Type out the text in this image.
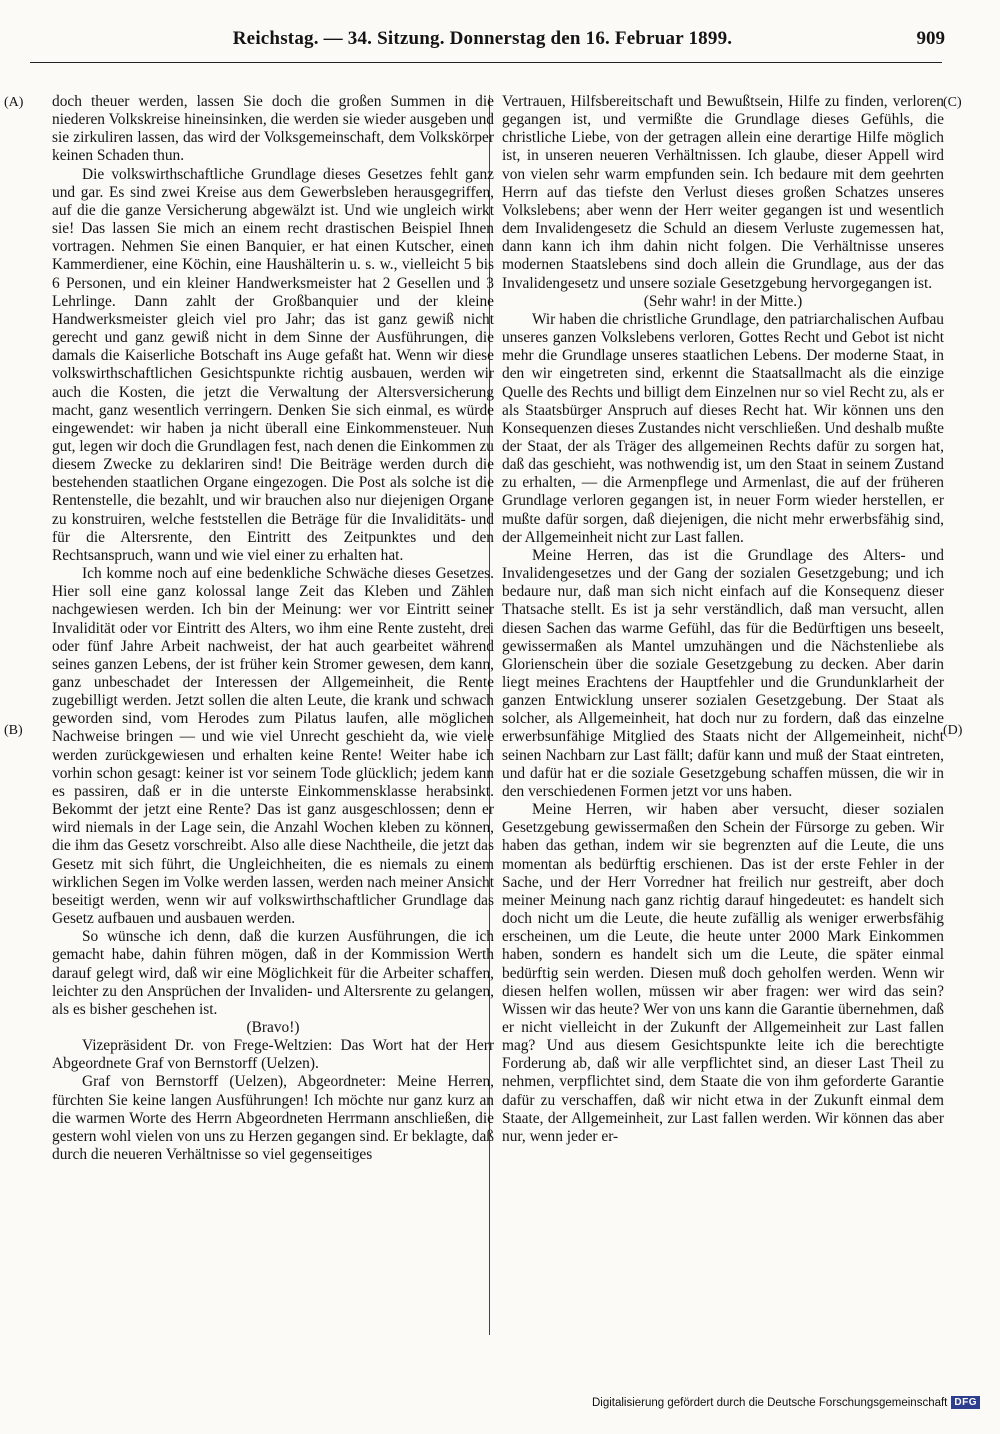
Reichstag. — 34. Sitzung. Donnerstag den 16. Februar 1899.	909
(A)
(B)
(C)
(D)

doch theuer werden, lassen Sie doch die großen Summen in die niederen Volkskreise hineinsinken, die werden sie wieder ausgeben und sie zirkuliren lassen, das wird der Volksgemeinschaft, dem Volkskörper keinen Schaden thun.

Die volkswirthschaftliche Grundlage dieses Gesetzes fehlt ganz und gar. Es sind zwei Kreise aus dem Gewerbsleben herausgegriffen, auf die die ganze Versicherung abgewälzt ist. Und wie ungleich wirkt sie! Das lassen Sie mich an einem recht drastischen Beispiel Ihnen vortragen. Nehmen Sie einen Banquier, er hat einen Kutscher, einen Kammerdiener, eine Köchin, eine Haushälterin u. s. w., vielleicht 5 bis 6 Personen, und ein kleiner Handwerksmeister hat 2 Gesellen und 3 Lehrlinge. Dann zahlt der Großbanquier und der kleine Handwerksmeister gleich viel pro Jahr; das ist ganz gewiß nicht gerecht und ganz gewiß nicht in dem Sinne der Ausführungen, die damals die Kaiserliche Botschaft ins Auge gefaßt hat. Wenn wir diese volkswirthschaftlichen Gesichtspunkte richtig ausbauen, werden wir auch die Kosten, die jetzt die Verwaltung der Altersversicherung macht, ganz wesentlich verringern. Denken Sie sich einmal, es würde eingewendet: wir haben ja nicht überall eine Einkommensteuer. Nun gut, legen wir doch die Grundlagen fest, nach denen die Einkommen zu diesem Zwecke zu deklariren sind! Die Beiträge werden durch die bestehenden staatlichen Organe eingezogen. Die Post als solche ist die Rentenstelle, die bezahlt, und wir brauchen also nur diejenigen Organe zu konstruiren, welche feststellen die Beträge für die Invaliditäts- und für die Altersrente, den Eintritt des Zeitpunktes und den Rechtsanspruch, wann und wie viel einer zu erhalten hat.

Ich komme noch auf eine bedenkliche Schwäche dieses Gesetzes. Hier soll eine ganz kolossal lange Zeit das Kleben und Zählen nachgewiesen werden. Ich bin der Meinung: wer vor Eintritt seiner Invalidität oder vor Eintritt des Alters, wo ihm eine Rente zusteht, drei oder fünf Jahre Arbeit nachweist, der hat auch gearbeitet während seines ganzen Lebens, der ist früher kein Stromer gewesen, dem kann, ganz unbeschadet der Interessen der Allgemeinheit, die Rente zugebilligt werden. Jetzt sollen die alten Leute, die krank und schwach geworden sind, vom Herodes zum Pilatus laufen, alle möglichen Nachweise bringen — und wie viel Unrecht geschieht da, wie viele werden zurückgewiesen und erhalten keine Rente! Weiter habe ich vorhin schon gesagt: keiner ist vor seinem Tode glücklich; jedem kann es passiren, daß er in die unterste Einkommensklasse herabsinkt. Bekommt der jetzt eine Rente? Das ist ganz ausgeschlossen; denn er wird niemals in der Lage sein, die Anzahl Wochen kleben zu können, die ihm das Gesetz vorschreibt. Also alle diese Nachtheile, die jetzt das Gesetz mit sich führt, die Ungleichheiten, die es niemals zu einem wirklichen Segen im Volke werden lassen, werden nach meiner Ansicht beseitigt werden, wenn wir auf volkswirthschaftlicher Grundlage das Gesetz aufbauen und ausbauen werden.

So wünsche ich denn, daß die kurzen Ausführungen, die ich gemacht habe, dahin führen mögen, daß in der Kommission Werth darauf gelegt wird, daß wir eine Möglichkeit für die Arbeiter schaffen, leichter zu den Ansprüchen der Invaliden- und Altersrente zu gelangen, als es bisher geschehen ist.

(Bravo!)

Vizepräsident Dr. von Frege-Weltzien: Das Wort hat der Herr Abgeordnete Graf von Bernstorff (Uelzen).

Graf von Bernstorff (Uelzen), Abgeordneter: Meine Herren, fürchten Sie keine langen Ausführungen! Ich möchte nur ganz kurz an die warmen Worte des Herrn Abgeordneten Herrmann anschließen, die gestern wohl vielen von uns zu Herzen gegangen sind. Er beklagte, daß durch die neueren Verhältnisse so viel gegenseitiges

Vertrauen, Hilfsbereitschaft und Bewußtsein, Hilfe zu finden, verloren gegangen ist, und vermißte die Grundlage dieses Gefühls, die christliche Liebe, von der getragen allein eine derartige Hilfe möglich ist, in unseren neueren Verhältnissen. Ich glaube, dieser Appell wird von vielen sehr warm empfunden sein. Ich bedaure mit dem geehrten Herrn auf das tiefste den Verlust dieses großen Schatzes unseres Volkslebens; aber wenn der Herr weiter gegangen ist und wesentlich dem Invalidengesetz die Schuld an diesem Verluste zugemessen hat, dann kann ich ihm dahin nicht folgen. Die Verhältnisse unseres modernen Staatslebens sind doch allein die Grundlage, aus der das Invalidengesetz und unsere soziale Gesetzgebung hervorgegangen ist.

(Sehr wahr! in der Mitte.)

Wir haben die christliche Grundlage, den patriarchalischen Aufbau unseres ganzen Volkslebens verloren, Gottes Recht und Gebot ist nicht mehr die Grundlage unseres staatlichen Lebens. Der moderne Staat, in den wir eingetreten sind, erkennt die Staatsallmacht als die einzige Quelle des Rechts und billigt dem Einzelnen nur so viel Recht zu, als er als Staatsbürger Anspruch auf dieses Recht hat. Wir können uns den Konsequenzen dieses Zustandes nicht verschließen. Und deshalb mußte der Staat, der als Träger des allgemeinen Rechts dafür zu sorgen hat, daß das geschieht, was nothwendig ist, um den Staat in seinem Zustand zu erhalten, — die Armenpflege und Armenlast, die auf der früheren Grundlage verloren gegangen ist, in neuer Form wieder herstellen, er mußte dafür sorgen, daß diejenigen, die nicht mehr erwerbsfähig sind, der Allgemeinheit nicht zur Last fallen.

Meine Herren, das ist die Grundlage des Alters- und Invalidengesetzes und der Gang der sozialen Gesetzgebung; und ich bedaure nur, daß man sich nicht einfach auf die Konsequenz dieser Thatsache stellt. Es ist ja sehr verständlich, daß man versucht, allen diesen Sachen das warme Gefühl, das für die Bedürftigen uns beseelt, gewissermaßen als Mantel umzuhängen und die Nächstenliebe als Glorienschein über die soziale Gesetzgebung zu decken. Aber darin liegt meines Erachtens der Hauptfehler und die Grundunklarheit der ganzen Entwicklung unserer sozialen Gesetzgebung. Der Staat als solcher, als Allgemeinheit, hat doch nur zu fordern, daß das einzelne erwerbsunfähige Mitglied des Staats nicht der Allgemeinheit, nicht seinen Nachbarn zur Last fällt; dafür kann und muß der Staat eintreten, und dafür hat er die soziale Gesetzgebung schaffen müssen, die wir in den verschiedenen Formen jetzt vor uns haben.

Meine Herren, wir haben aber versucht, dieser sozialen Gesetzgebung gewissermaßen den Schein der Fürsorge zu geben. Wir haben das gethan, indem wir sie begrenzten auf die Leute, die uns momentan als bedürftig erschienen. Das ist der erste Fehler in der Sache, und der Herr Vorredner hat freilich nur gestreift, aber doch meiner Meinung nach ganz richtig darauf hingedeutet: es handelt sich doch nicht um die Leute, die heute zufällig als weniger erwerbsfähig erscheinen, um die Leute, die heute unter 2000 Mark Einkommen haben, sondern es handelt sich um die Leute, die später einmal bedürftig sein werden. Diesen muß doch geholfen werden. Wenn wir diesen helfen wollen, müssen wir aber fragen: wer wird das sein? Wissen wir das heute? Wer von uns kann die Garantie übernehmen, daß er nicht vielleicht in der Zukunft der Allgemeinheit zur Last fallen mag? Und aus diesem Gesichtspunkte leite ich die berechtigte Forderung ab, daß wir alle verpflichtet sind, an dieser Last Theil zu nehmen, verpflichtet sind, dem Staate die von ihm geforderte Garantie dafür zu verschaffen, daß wir nicht etwa in der Zukunft einmal dem Staate, der Allgemeinheit, zur Last fallen werden. Wir können das aber nur, wenn jeder er-

Digitalisierung gefördert durch die Deutsche Forschungsgemeinschaft DFG
